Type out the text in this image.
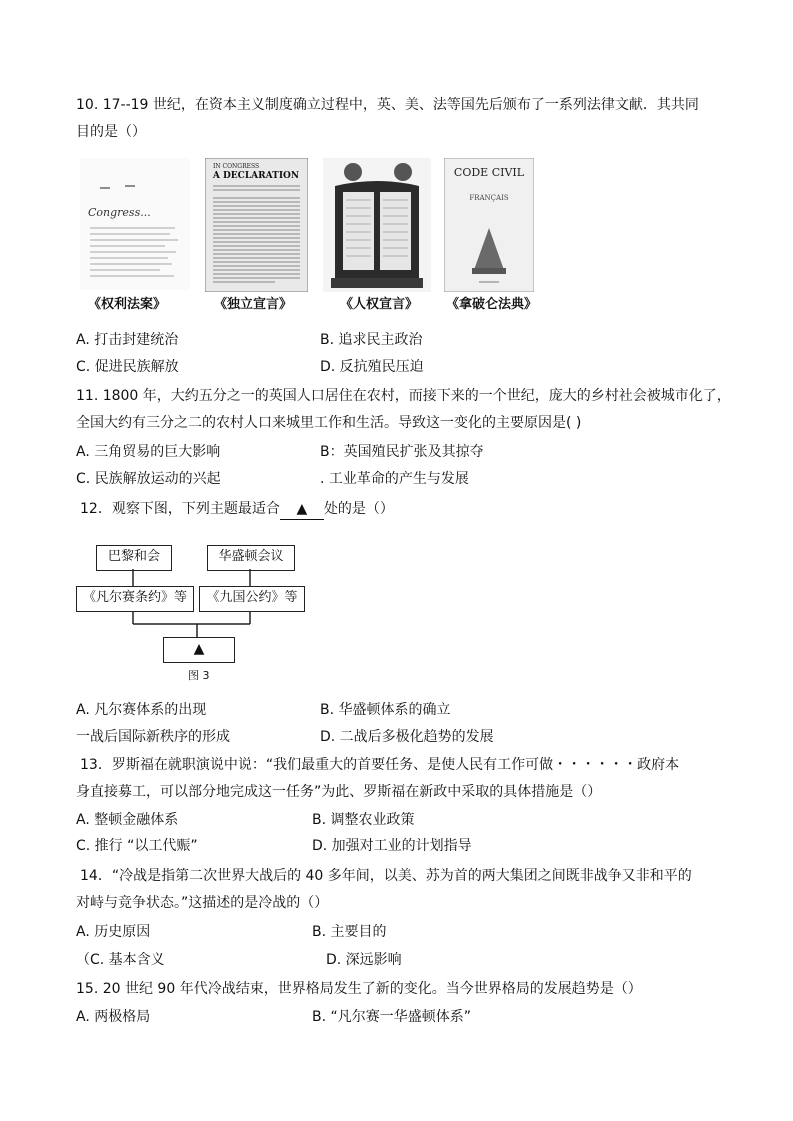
10. 17--19 世纪，在资本主义制度确立过程中，英、美、法等国先后颁布了一系列法律文献．其共同
目的是（）
Congress...
IN CONGRESS
A DECLARATION	CODE CIVIL
FRANÇAIS
《权利法案》	《独立宣言》	《人权宣言》 《拿破仑法典》
A. 打击封建统治	B. 追求民主政治
C. 促进民族解放	D. 反抗殖民压迫
11. 1800 年，大约五分之一的英国人口居住在农村，而接下来的一个世纪，庞大的乡村社会被城市化了，
全国大约有三分之二的农村人口来城里工作和生活。导致这一变化的主要原因是( )
A. 三角贸易的巨大影响	B：英国殖民扩张及其掠夺
C. 民族解放运动的兴起	. 工业革命的产生与发展
12．观察下图，下列主题最适合 ▲ 处的是（）
巴黎和会	华盛顿会议
《凡尔赛条约》等	《九国公约》等
▲
图 3
A. 凡尔赛体系的出现	B. 华盛顿体系的确立
一战后国际新秩序的形成	D. 二战后多极化趋势的发展
13．罗斯福在就职演说中说：“我们最重大的首要任务、是使人民有工作可做・・・・・・政府本
身直接募工，可以部分地完成这一任务”为此、罗斯福在新政中采取的具体措施是（）
A. 整顿金融体系	B. 调整农业政策
C. 推行 “以工代赈”	D. 加强对工业的计划指导
14．“冷战是指第二次世界大战后的 40 多年间，以美、苏为首的两大集团之间既非战争又非和平的
对峙与竞争状态。”这描述的是冷战的（）
A. 历史原因	B. 主要目的
（C. 基本含义	D. 深远影响
15. 20 世纪 90 年代冷战结束，世界格局发生了新的变化。当今世界格局的发展趋势是（）
A. 两极格局	B. “凡尔赛一华盛顿体系”
